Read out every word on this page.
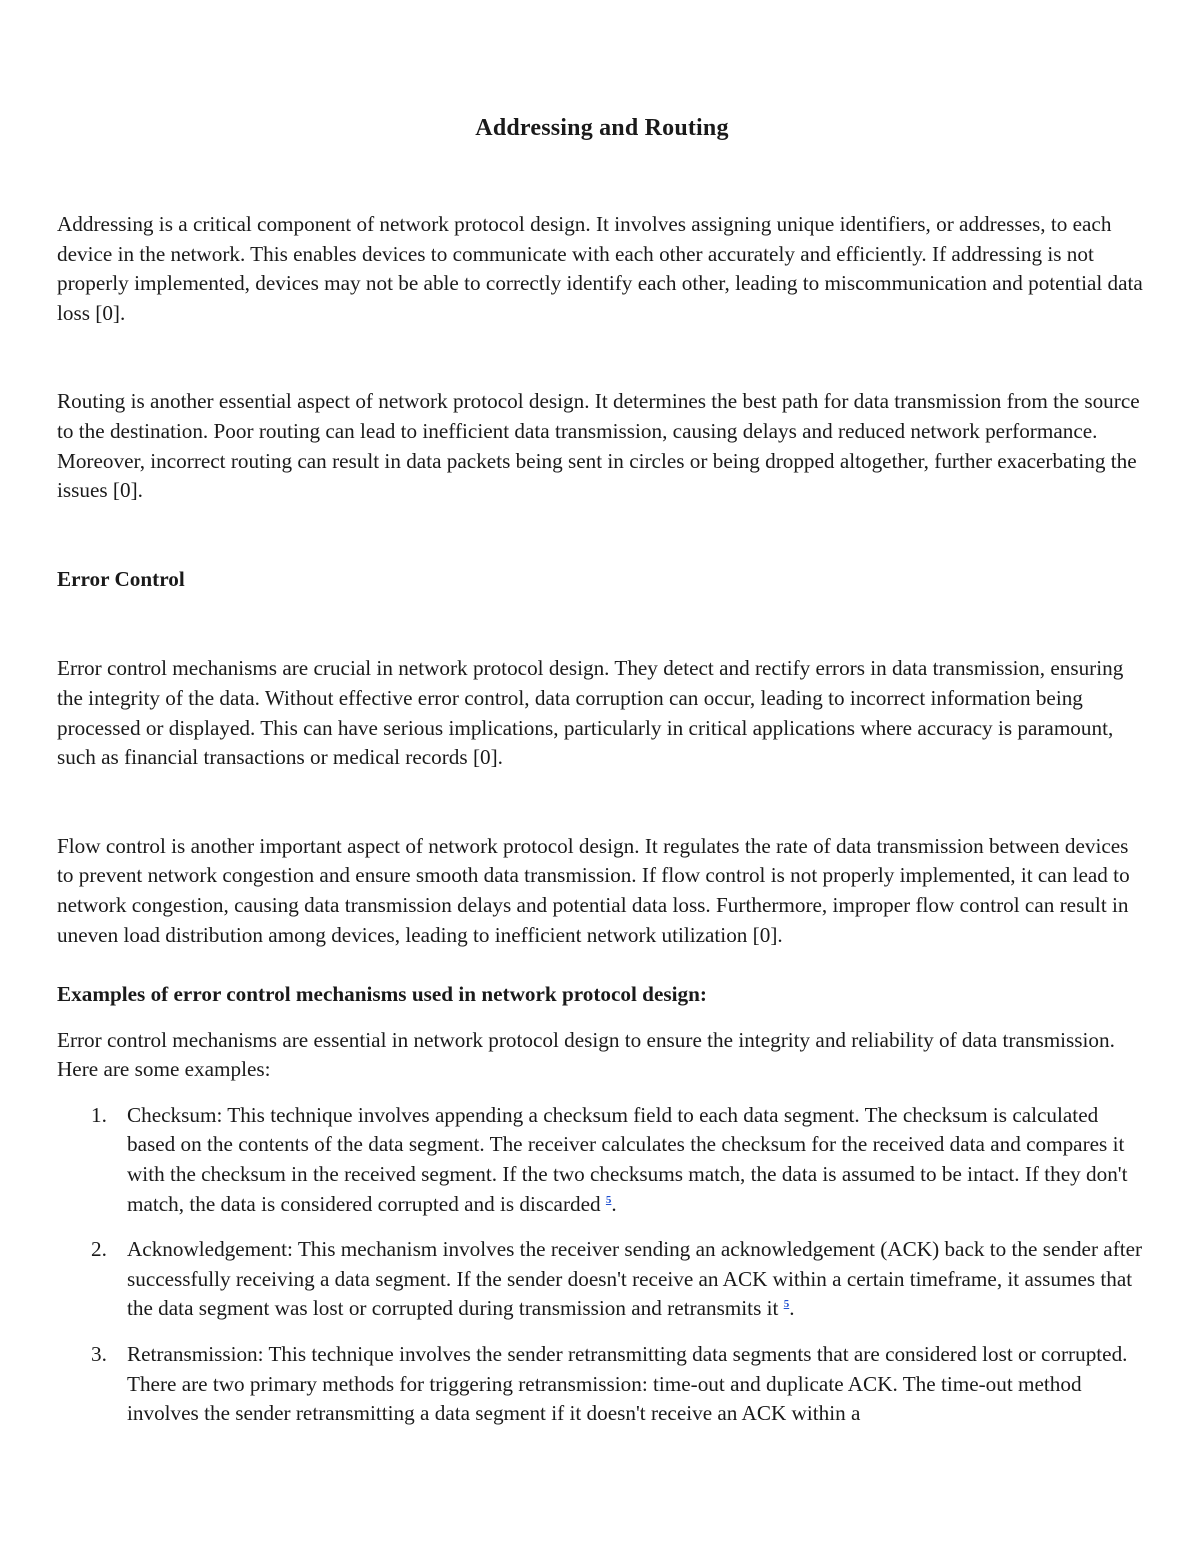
Addressing and Routing

Addressing is a critical component of network protocol design. It involves assigning unique identifiers, or addresses, to each device in the network. This enables devices to communicate with each other accurately and efficiently. If addressing is not properly implemented, devices may not be able to correctly identify each other, leading to miscommunication and potential data loss [0].

Routing is another essential aspect of network protocol design. It determines the best path for data transmission from the source to the destination. Poor routing can lead to inefficient data transmission, causing delays and reduced network performance. Moreover, incorrect routing can result in data packets being sent in circles or being dropped altogether, further exacerbating the issues [0].

Error Control

Error control mechanisms are crucial in network protocol design. They detect and rectify errors in data transmission, ensuring the integrity of the data. Without effective error control, data corruption can occur, leading to incorrect information being processed or displayed. This can have serious implications, particularly in critical applications where accuracy is paramount, such as financial transactions or medical records [0].

Flow control is another important aspect of network protocol design. It regulates the rate of data transmission between devices to prevent network congestion and ensure smooth data transmission. If flow control is not properly implemented, it can lead to network congestion, causing data transmission delays and potential data loss. Furthermore, improper flow control can result in uneven load distribution among devices, leading to inefficient network utilization [0].

Examples of error control mechanisms used in network protocol design:

Error control mechanisms are essential in network protocol design to ensure the integrity and reliability of data transmission. Here are some examples:

1. Checksum: This technique involves appending a checksum field to each data segment. The checksum is calculated based on the contents of the data segment. The receiver calculates the checksum for the received data and compares it with the checksum in the received segment. If the two checksums match, the data is assumed to be intact. If they don't match, the data is considered corrupted and is discarded $^5$.
2. Acknowledgement: This mechanism involves the receiver sending an acknowledgement (ACK) back to the sender after successfully receiving a data segment. If the sender doesn't receive an ACK within a certain timeframe, it assumes that the data segment was lost or corrupted during transmission and retransmits it $^5$.
3. Retransmission: This technique involves the sender retransmitting data segments that are considered lost or corrupted. There are two primary methods for triggering retransmission: time-out and duplicate ACK. The time-out method involves the sender retransmitting a data segment if it doesn't receive an ACK within a
